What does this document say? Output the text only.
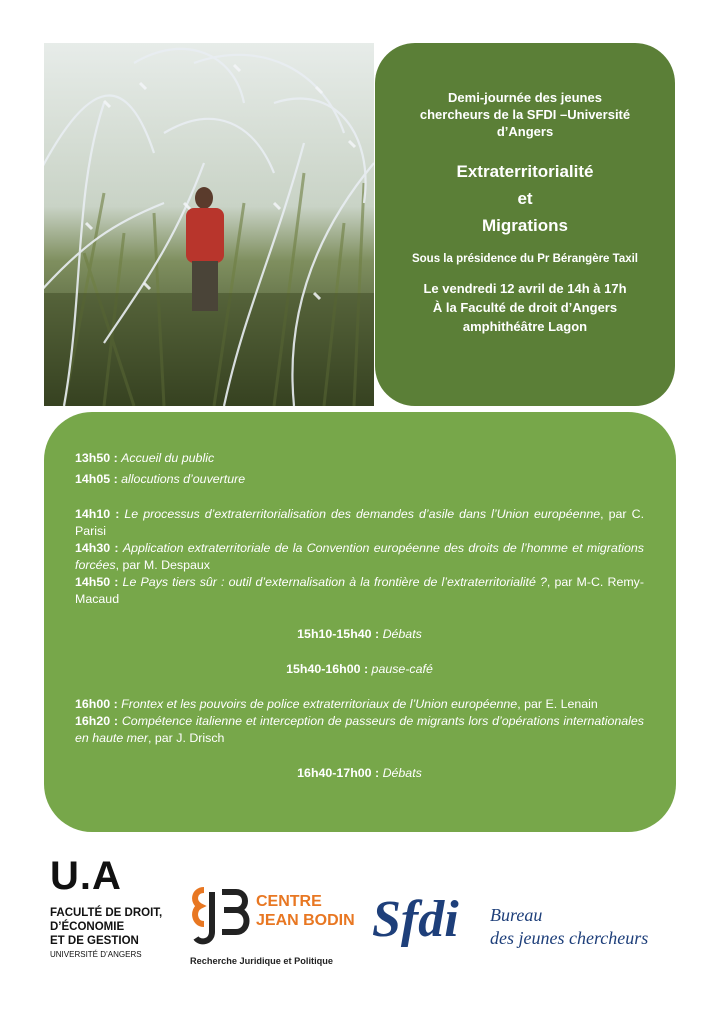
Demi-journée des jeunes
chercheurs de la SFDI –Université
d’Angers
Extraterritorialité
et
Migrations
Sous la présidence du Pr Bérangère Taxil
Le vendredi 12 avril de 14h à 17h
À la Faculté de droit d’Angers
amphithéâtre Lagon
13h50 : Accueil du public
14h05 : allocutions d’ouverture
14h10 : Le processus d’extraterritorialisation des demandes d’asile dans l’Union européenne, par C. Parisi
14h30 : Application extraterritoriale de la Convention européenne des droits de l’homme et migrations forcées, par M. Despaux
14h50 : Le Pays tiers sûr : outil d’externalisation à la frontière de l’extraterritorialité ?, par M-C. Remy-Macaud
15h10-15h40 : Débats
15h40-16h00 : pause-café
16h00 : Frontex et les pouvoirs de police extraterritoriaux de l’Union européenne, par E. Lenain
16h20 : Compétence italienne et interception de passeurs de migrants lors d’opérations internationales en haute mer, par J. Drisch
16h40-17h00 : Débats
U.A
FACULTÉ DE DROIT,
D’ÉCONOMIE
ET DE GESTION
UNIVERSITÉ D’ANGERS
CENTRE
JEAN BODIN
Recherche Juridique et Politique
Sfdi Bureau
des jeunes chercheurs
